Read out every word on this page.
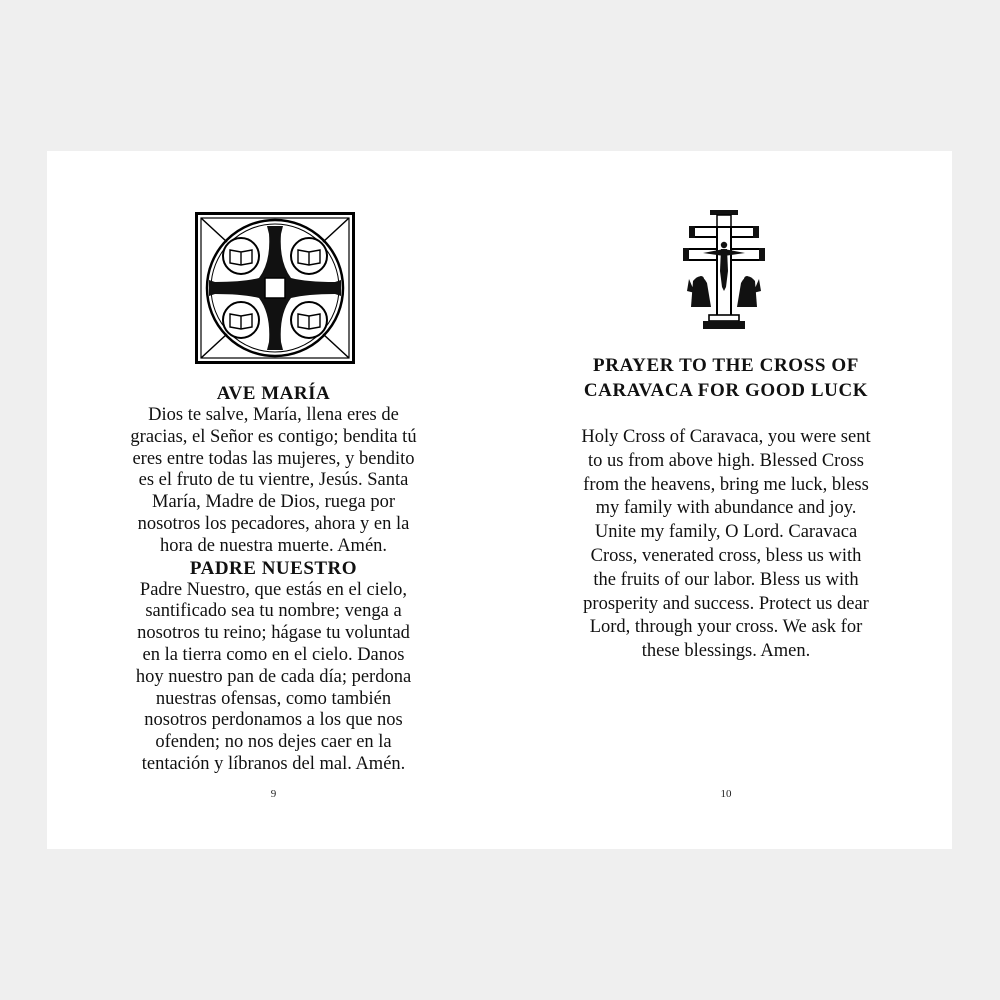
AVE MARÍA

Dios te salve, María, llena eres de

gracias, el Señor es contigo; bendita tú

eres entre todas las mujeres, y bendito

es el fruto de tu vientre, Jesús. Santa

María, Madre de Dios, ruega por

nosotros los pecadores, ahora y en la

hora de nuestra muerte. Amén.

PADRE NUESTRO

Padre Nuestro, que estás en el cielo,

santificado sea tu nombre; venga a

nosotros tu reino; hágase tu voluntad

en la tierra como en el cielo. Danos

hoy nuestro pan de cada día; perdona

nuestras ofensas, como también

nosotros perdonamos a los que nos

ofenden; no nos dejes caer en la

tentación y líbranos del mal. Amén.

9

PRAYER TO THE CROSS OF

CARAVACA FOR GOOD LUCK

Holy Cross of Caravaca, you were sent

to us from above high. Blessed Cross

from the heavens, bring me luck, bless

my family with abundance and joy.

Unite my family, O Lord. Caravaca

Cross, venerated cross, bless us with

the fruits of our labor. Bless us with

prosperity and success. Protect us dear

Lord, through your cross. We ask for

these blessings. Amen.

10
